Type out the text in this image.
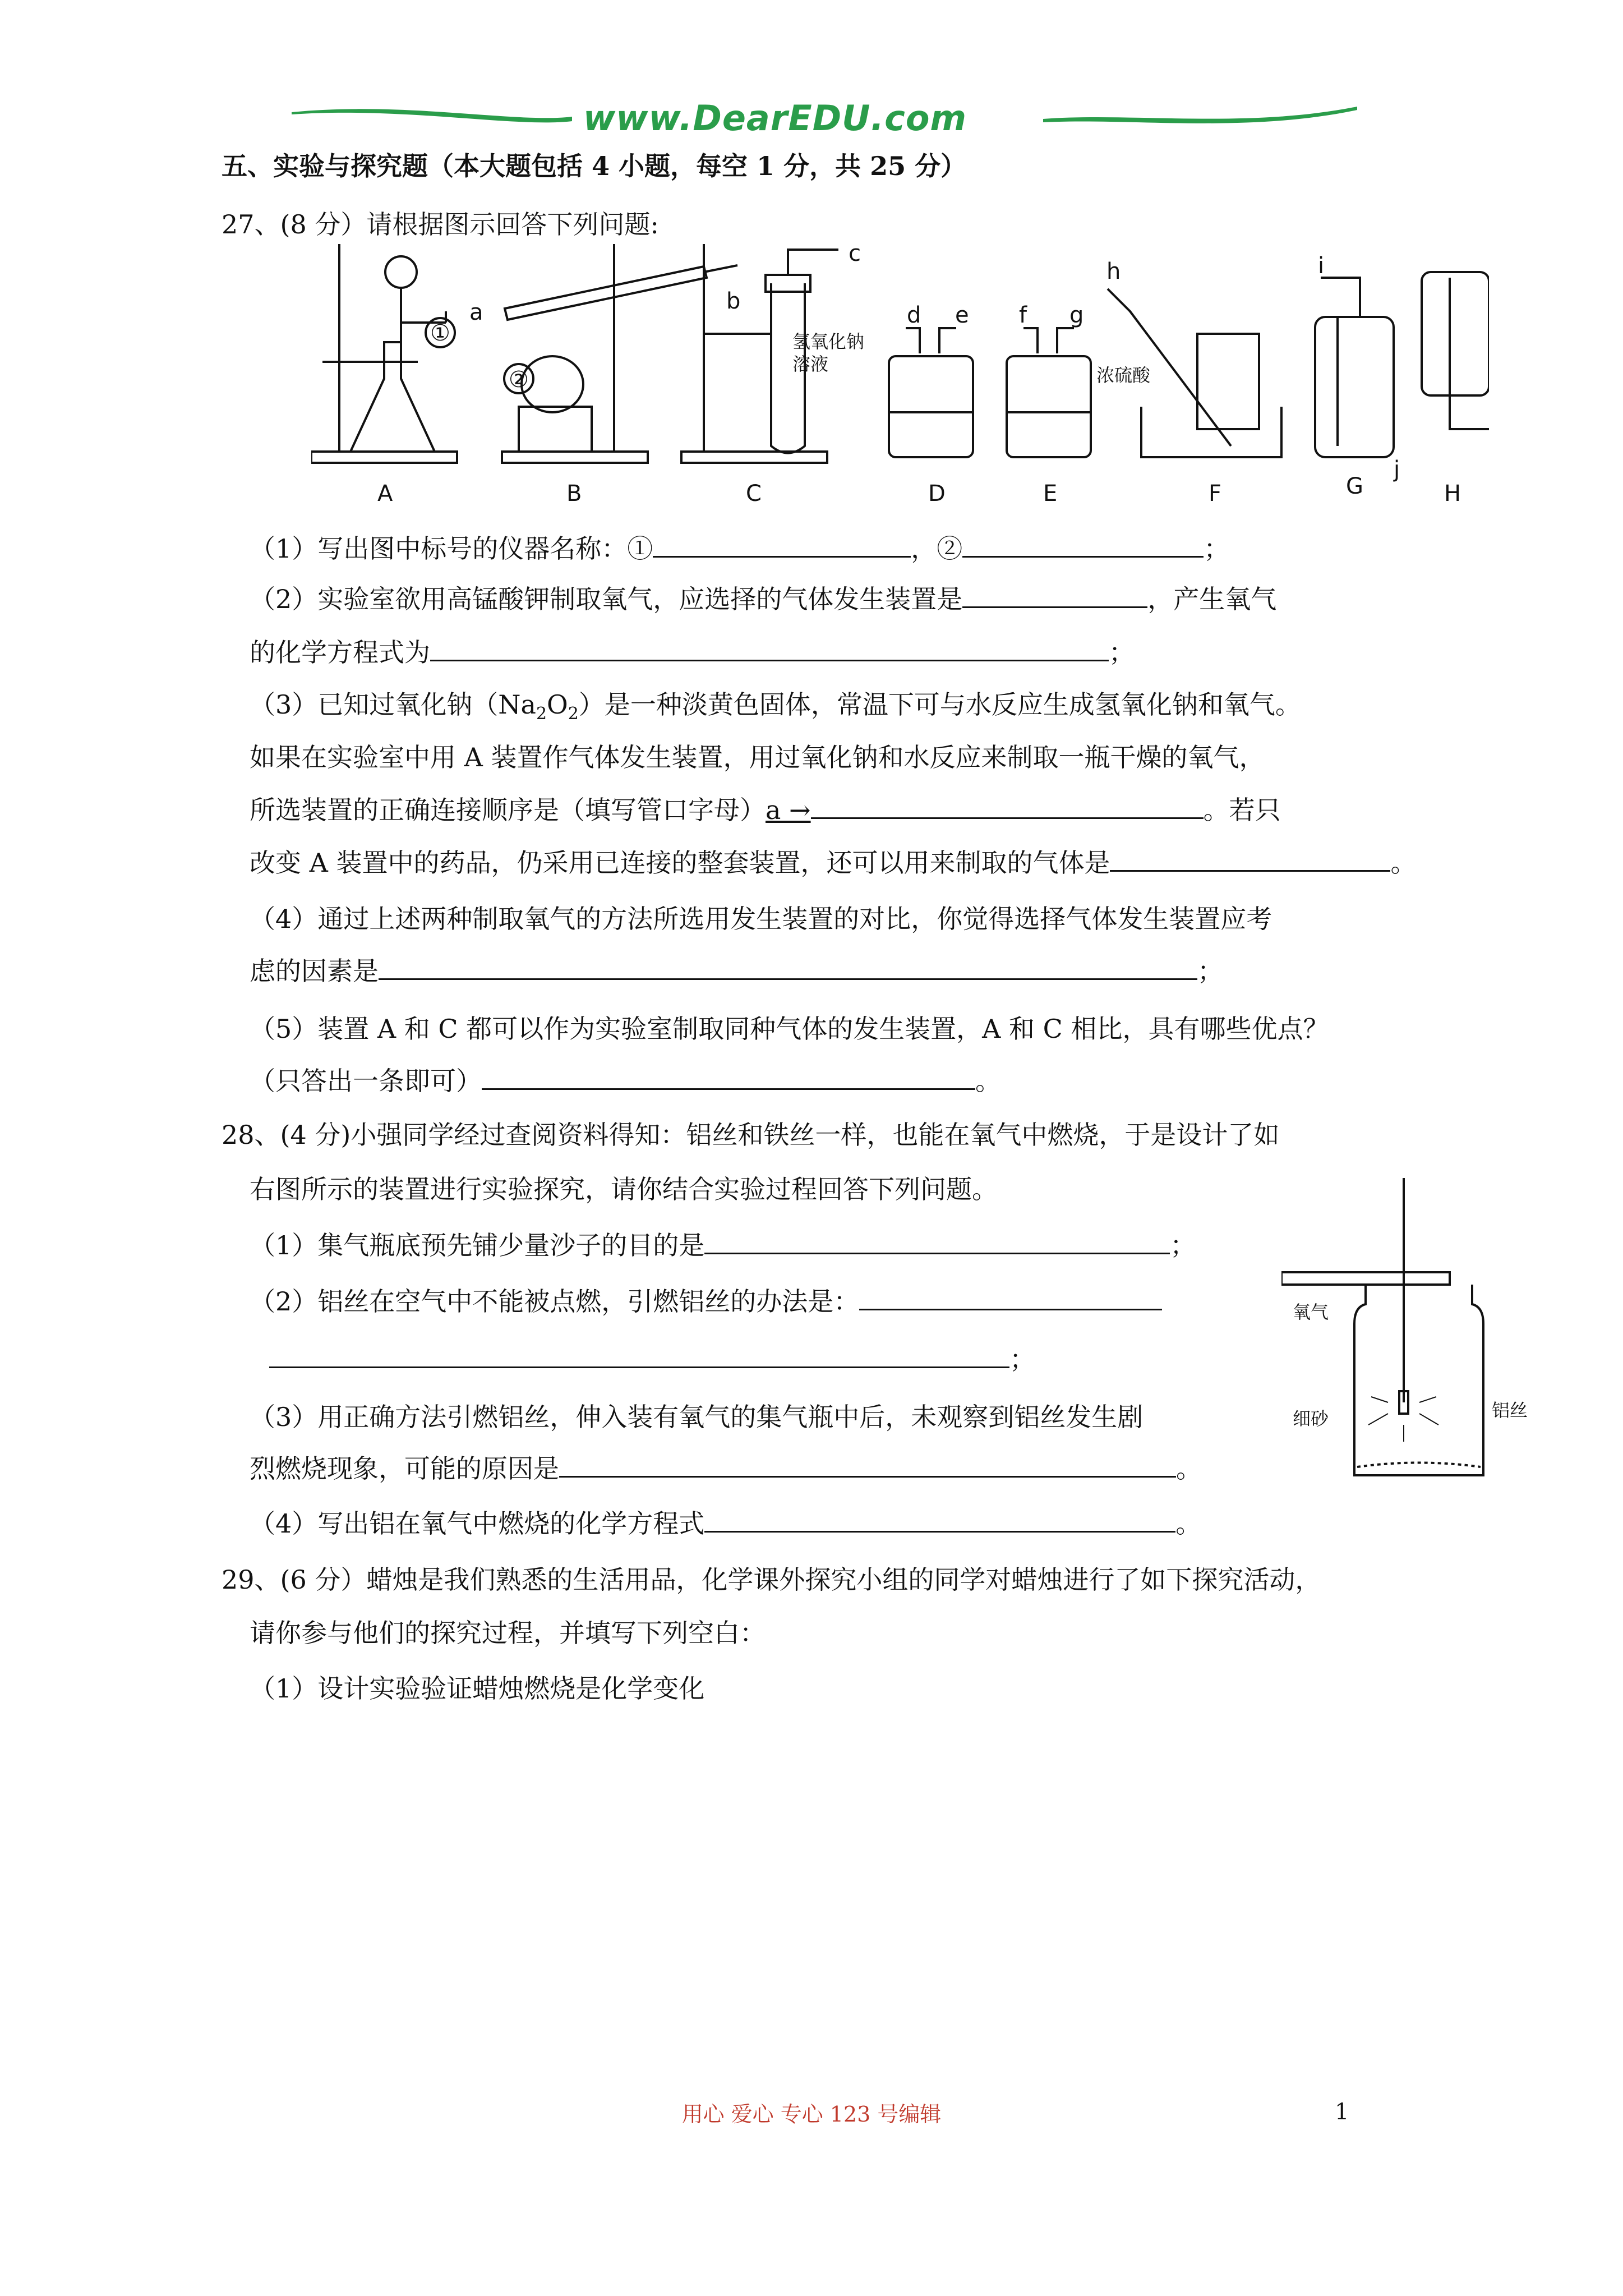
www.DearEDU.com
五、实验与探究题（本大题包括 4 小题，每空 1 分，共 25 分）
27、(8 分）请根据图示回答下列问题:
a	b
c
d e f g
h	i
j
①
②
氢氧化钠
溶液
浓硫酸
A	B	C	D	E	F	G	H
（1）写出图中标号的仪器名称：①	，②	；
（2）实验室欲用高锰酸钾制取氧气，应选择的气体发生装置是	，产生氧气
的化学方程式为	；
（3）已知过氧化钠$(Na_2O_2)$是一种淡黄色固体，常温下可与水反应生成氢氧化钠和氧气。
如果在实验室中用 A 装置作气体发生装置，用过氧化钠和水反应来制取一瓶干燥的氧气，
所选装置的正确连接顺序是（填写管口字母）a →	。若只
改变 A 装置中的药品，仍采用已连接的整套装置，还可以用来制取的气体是	。
（4）通过上述两种制取氧气的方法所选用发生装置的对比，你觉得选择气体发生装置应考
虑的因素是	；
（5）装置 A 和 C 都可以作为实验室制取同种气体的发生装置，A 和 C 相比，具有哪些优点？
（只答出一条即可）	。
28、(4 分)小强同学经过查阅资料得知：铝丝和铁丝一样，也能在氧气中燃烧，于是设计了如
右图所示的装置进行实验探究，请你结合实验过程回答下列问题。
（1）集气瓶底预先铺少量沙子的目的是	；
（2）铝丝在空气中不能被点燃，引燃铝丝的办法是：
；
（3）用正确方法引燃铝丝，伸入装有氧气的集气瓶中后，未观察到铝丝发生剧
烈燃烧现象，可能的原因是	。
（4）写出铝在氧气中燃烧的化学方程式	。
氧气
细砂	铝丝
29、(6 分）蜡烛是我们熟悉的生活用品，化学课外探究小组的同学对蜡烛进行了如下探究活动，
请你参与他们的探究过程，并填写下列空白：
（1）设计实验验证蜡烛燃烧是化学变化
用心 爱心 专心 123 号编辑	1
